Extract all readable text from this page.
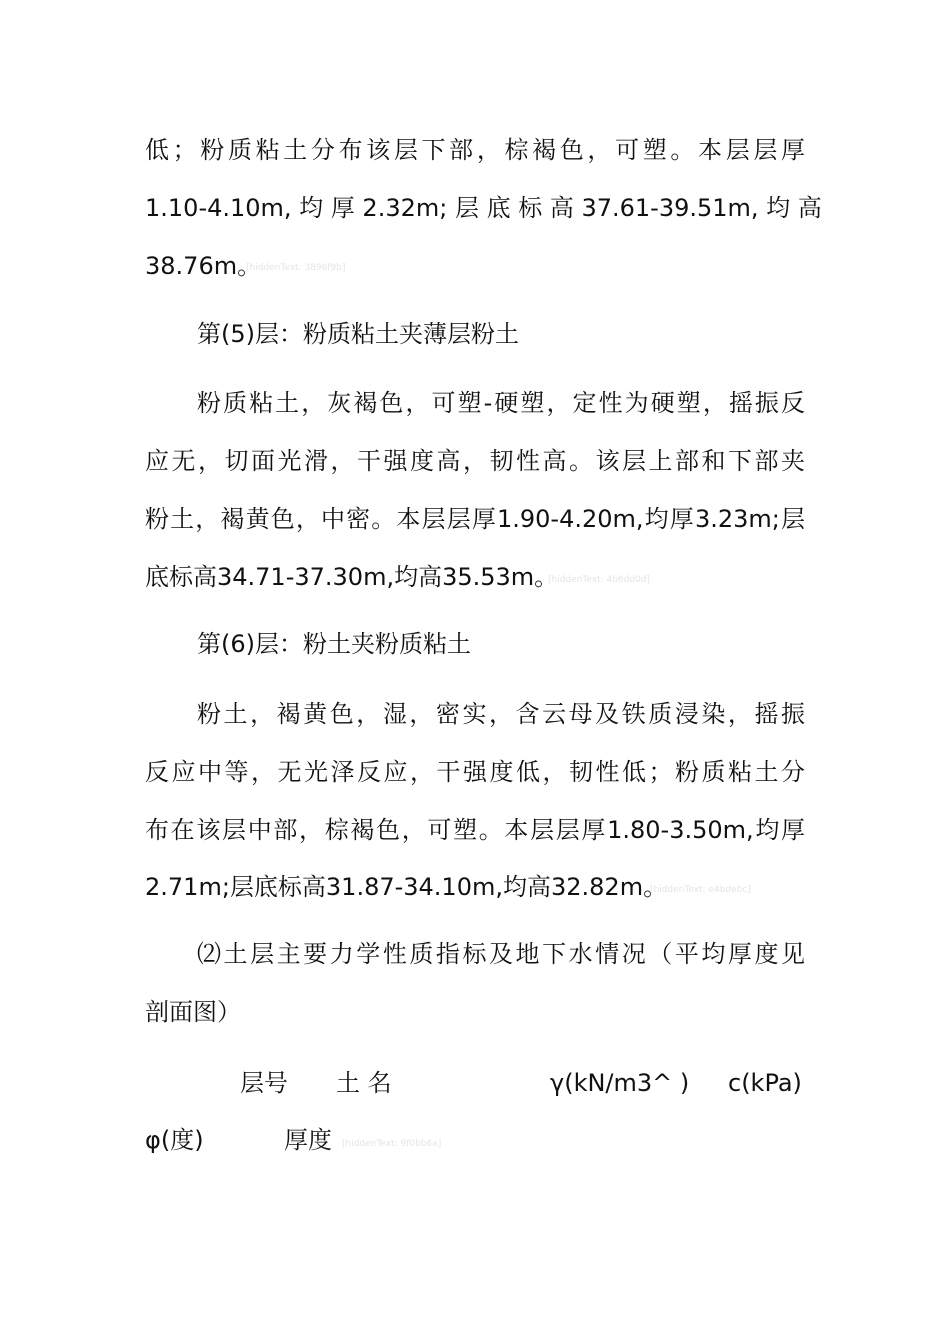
低；粉质粘土分布该层下部，棕褐色，可塑。本层层厚
1.10-4.10m, 均 厚 2.32m; 层 底 标 高 37.61-39.51m, 均 高
38.76m。
[hiddenText: 3896f9b]
第(5)层：粉质粘土夹薄层粉土
粉质粘土，灰褐色，可塑-硬塑，定性为硬塑，摇振反
应无，切面光滑，干强度高，韧性高。该层上部和下部夹
粉土，褐黄色，中密。本层层厚1.90-4.20m,均厚3.23m;层
底标高34.71-37.30m,均高35.53m。
[hiddenText: 4b6dd0d]
第(6)层：粉土夹粉质粘土
粉土，褐黄色，湿，密实，含云母及铁质浸染，摇振
反应中等，无光泽反应，干强度低，韧性低；粉质粘土分
布在该层中部，棕褐色，可塑。本层层厚1.80-3.50m,均厚
2.71m;层底标高31.87-34.10m,均高32.82m。
[hiddenText: e4bdebc]
⑵土层主要力学性质指标及地下水情况（平均厚度见
剖面图）
层号 土 名	γ(kN/m3^ ) c(kPa)
φ(度)	厚度 [hiddenText: 9f0bb6a]
